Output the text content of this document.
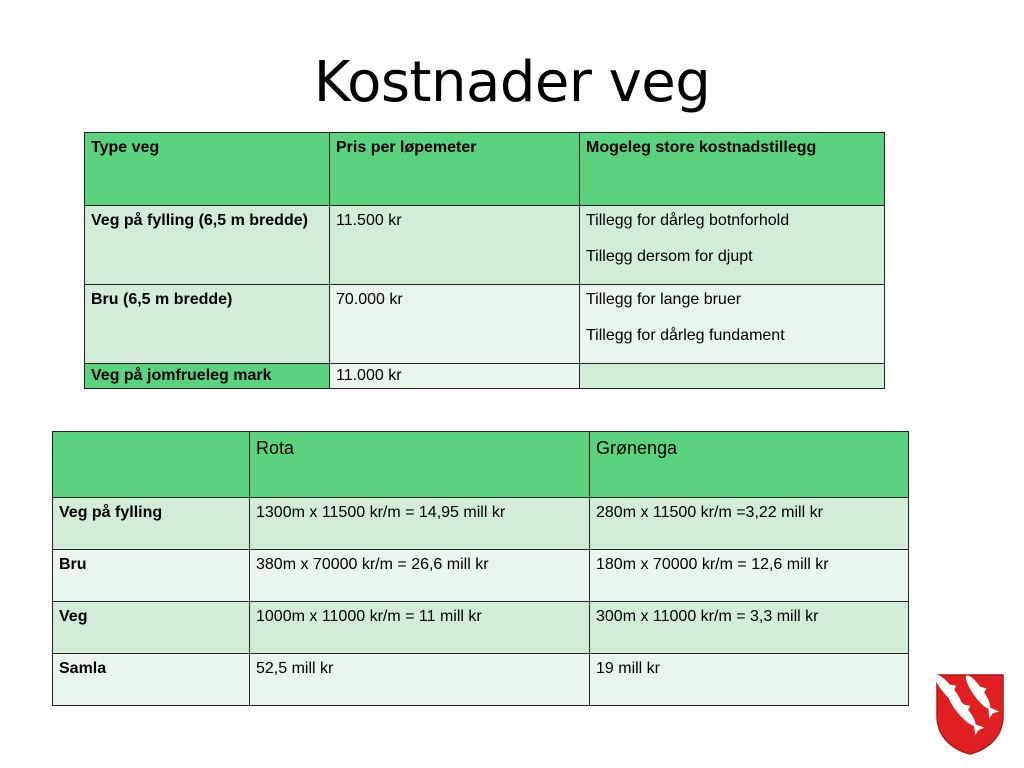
Kostnader veg
Type veg	Pris per løpemeter	Mogeleg store kostnadstillegg
Veg på fylling (6,5 m bredde)	11.500 kr	Tillegg for dårleg botnforhold

Tillegg dersom for djupt

Bru (6,5 m bredde)	70.000 kr	Tillegg for lange bruer

Tillegg for dårleg fundament

Veg på jomfrueleg mark	11.000 kr	
	Rota	Grønenga
Veg på fylling	1300m x 11500 kr/m = 14,95 mill kr	280m x 11500 kr/m =3,22 mill kr
Bru	380m x 70000 kr/m = 26,6 mill kr	180m x 70000 kr/m = 12,6 mill kr
Veg	1000m x 11000 kr/m = 11 mill kr	300m x 11000 kr/m = 3,3 mill kr
Samla	52,5 mill kr	19 mill kr
